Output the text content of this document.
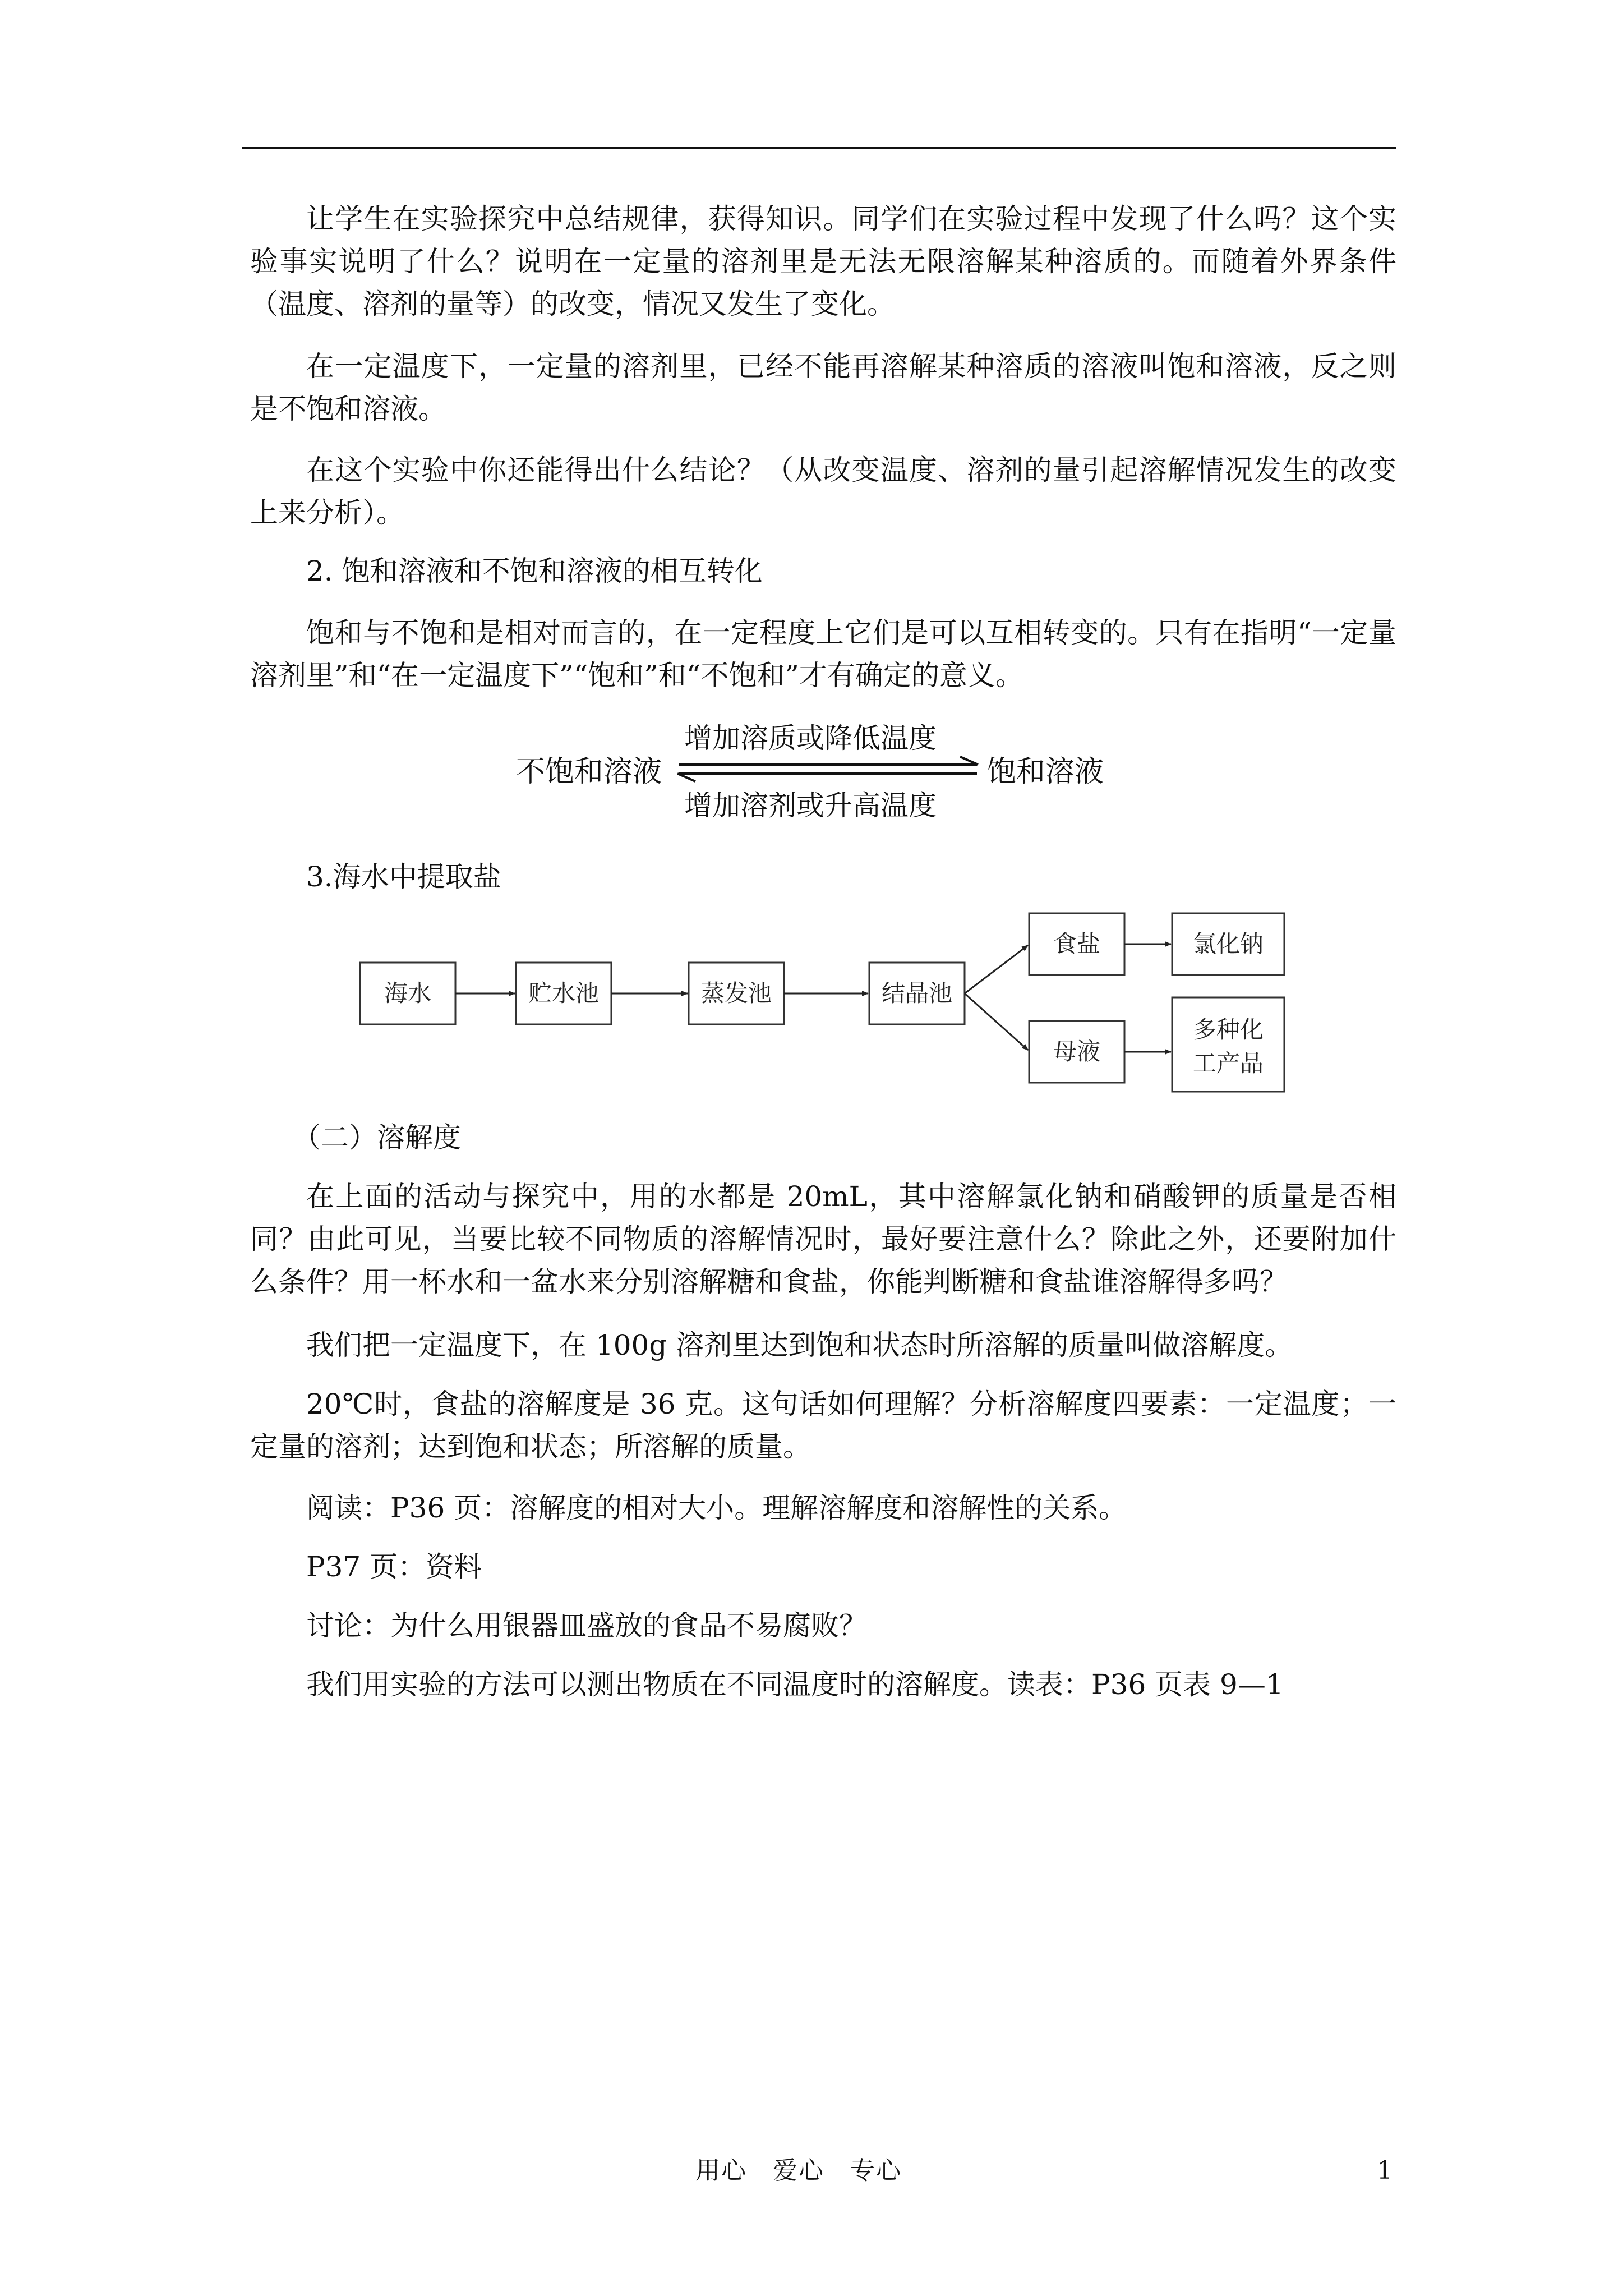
让学生在实验探究中总结规律，获得知识。同学们在实验过程中发现了什么吗？这个实验事实说明了什么？说明在一定量的溶剂里是无法无限溶解某种溶质的。而随着外界条件（温度、溶剂的量等）的改变，情况又发生了变化。

在一定温度下，一定量的溶剂里，已经不能再溶解某种溶质的溶液叫饱和溶液，反之则是不饱和溶液。

在这个实验中你还能得出什么结论？（从改变温度、溶剂的量引起溶解情况发生的改变上来分析）。

2. 饱和溶液和不饱和溶液的相互转化

饱和与不饱和是相对而言的，在一定程度上它们是可以互相转变的。只有在指明“一定量溶剂里”和“在一定温度下”“饱和”和“不饱和”才有确定的意义。

不饱和溶液	饱和溶液
增加溶质或降低温度
增加溶剂或升高温度

3.海水中提取盐

海水	贮水池	蒸发池	结晶池
食盐	氯化钠
母液
多种化
工产品

（二）溶解度

在上面的活动与探究中，用的水都是 20mL，其中溶解氯化钠和硝酸钾的质量是否相同？由此可见，当要比较不同物质的溶解情况时，最好要注意什么？除此之外，还要附加什么条件？用一杯水和一盆水来分别溶解糖和食盐，你能判断糖和食盐谁溶解得多吗？

我们把一定温度下，在 100g 溶剂里达到饱和状态时所溶解的质量叫做溶解度。

20℃时，食盐的溶解度是 36 克。这句话如何理解？分析溶解度四要素：一定温度；一定量的溶剂；达到饱和状态；所溶解的质量。

阅读：P36 页：溶解度的相对大小。理解溶解度和溶解性的关系。

P37 页：资料

讨论：为什么用银器皿盛放的食品不易腐败？

我们用实验的方法可以测出物质在不同温度时的溶解度。读表：P36 页表 9—1

用心　爱心　专心	1
